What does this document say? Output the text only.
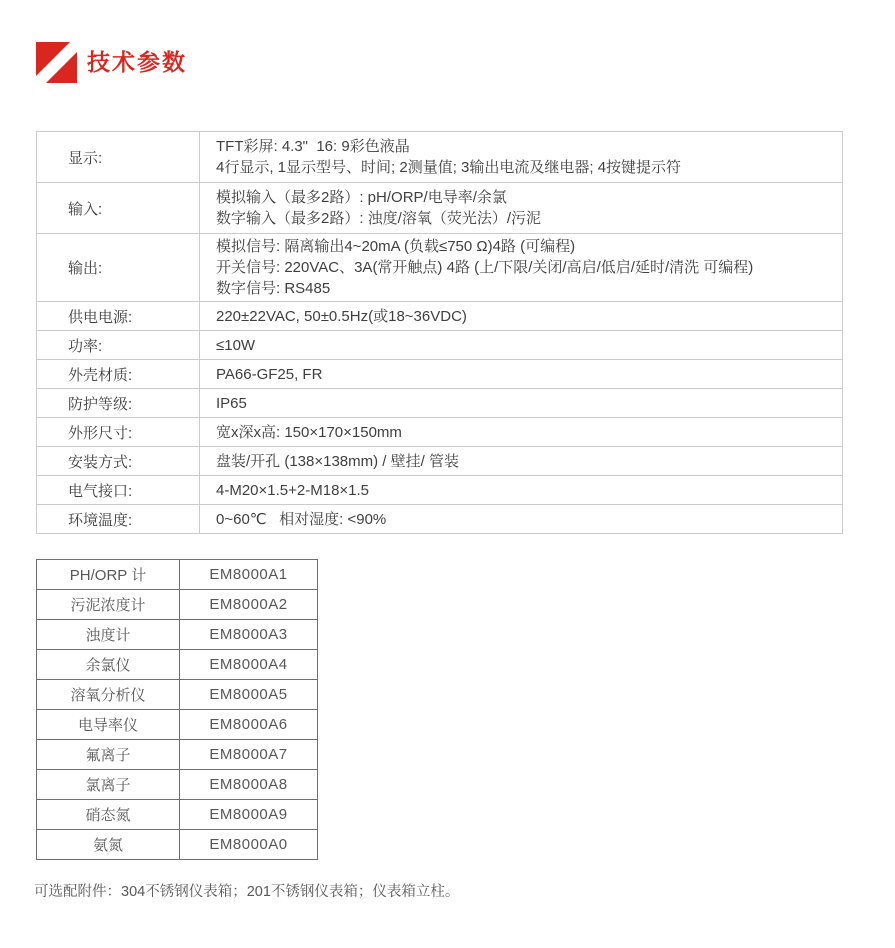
技术参数
显示:	TFT彩屏: 4.3"  16: 9彩色液晶
4行显示, 1显示型号、时间; 2测量值; 3输出电流及继电器; 4按键提示符

输入:	模拟输入（最多2路）: pH/ORP/电导率/余氯
数字输入（最多2路）: 浊度/溶氧（荧光法）/污泥

输出:	模拟信号: 隔离输出4~20mA (负载≤750 Ω)4路 (可编程)
开关信号: 220VAC、3A(常开触点) 4路 (上/下限/关闭/高启/低启/延时/清洗 可编程)
数字信号: RS485

供电电源:	220±22VAC, 50±0.5Hz(或18~36VDC)

功率:	≤10W

外壳材质:	PA66-GF25, FR

防护等级:	IP65

外形尺寸:	宽x深x高: 150×170×150mm

安装方式:	盘装/开孔 (138×138mm) / 壁挂/ 管装

电气接口:	4-M20×1.5+2-M18×1.5

环境温度:	0~60℃   相对湿度: <90%
PH/ORP 计	EM8000A1
污泥浓度计	EM8000A2
浊度计	EM8000A3
余氯仪	EM8000A4
溶氧分析仪	EM8000A5
电导率仪	EM8000A6
氟离子	EM8000A7
氯离子	EM8000A8
硝态氮	EM8000A9
氨氮	EM8000A0

可选配附件：304不锈钢仪表箱；201不锈钢仪表箱；仪表箱立柱。
